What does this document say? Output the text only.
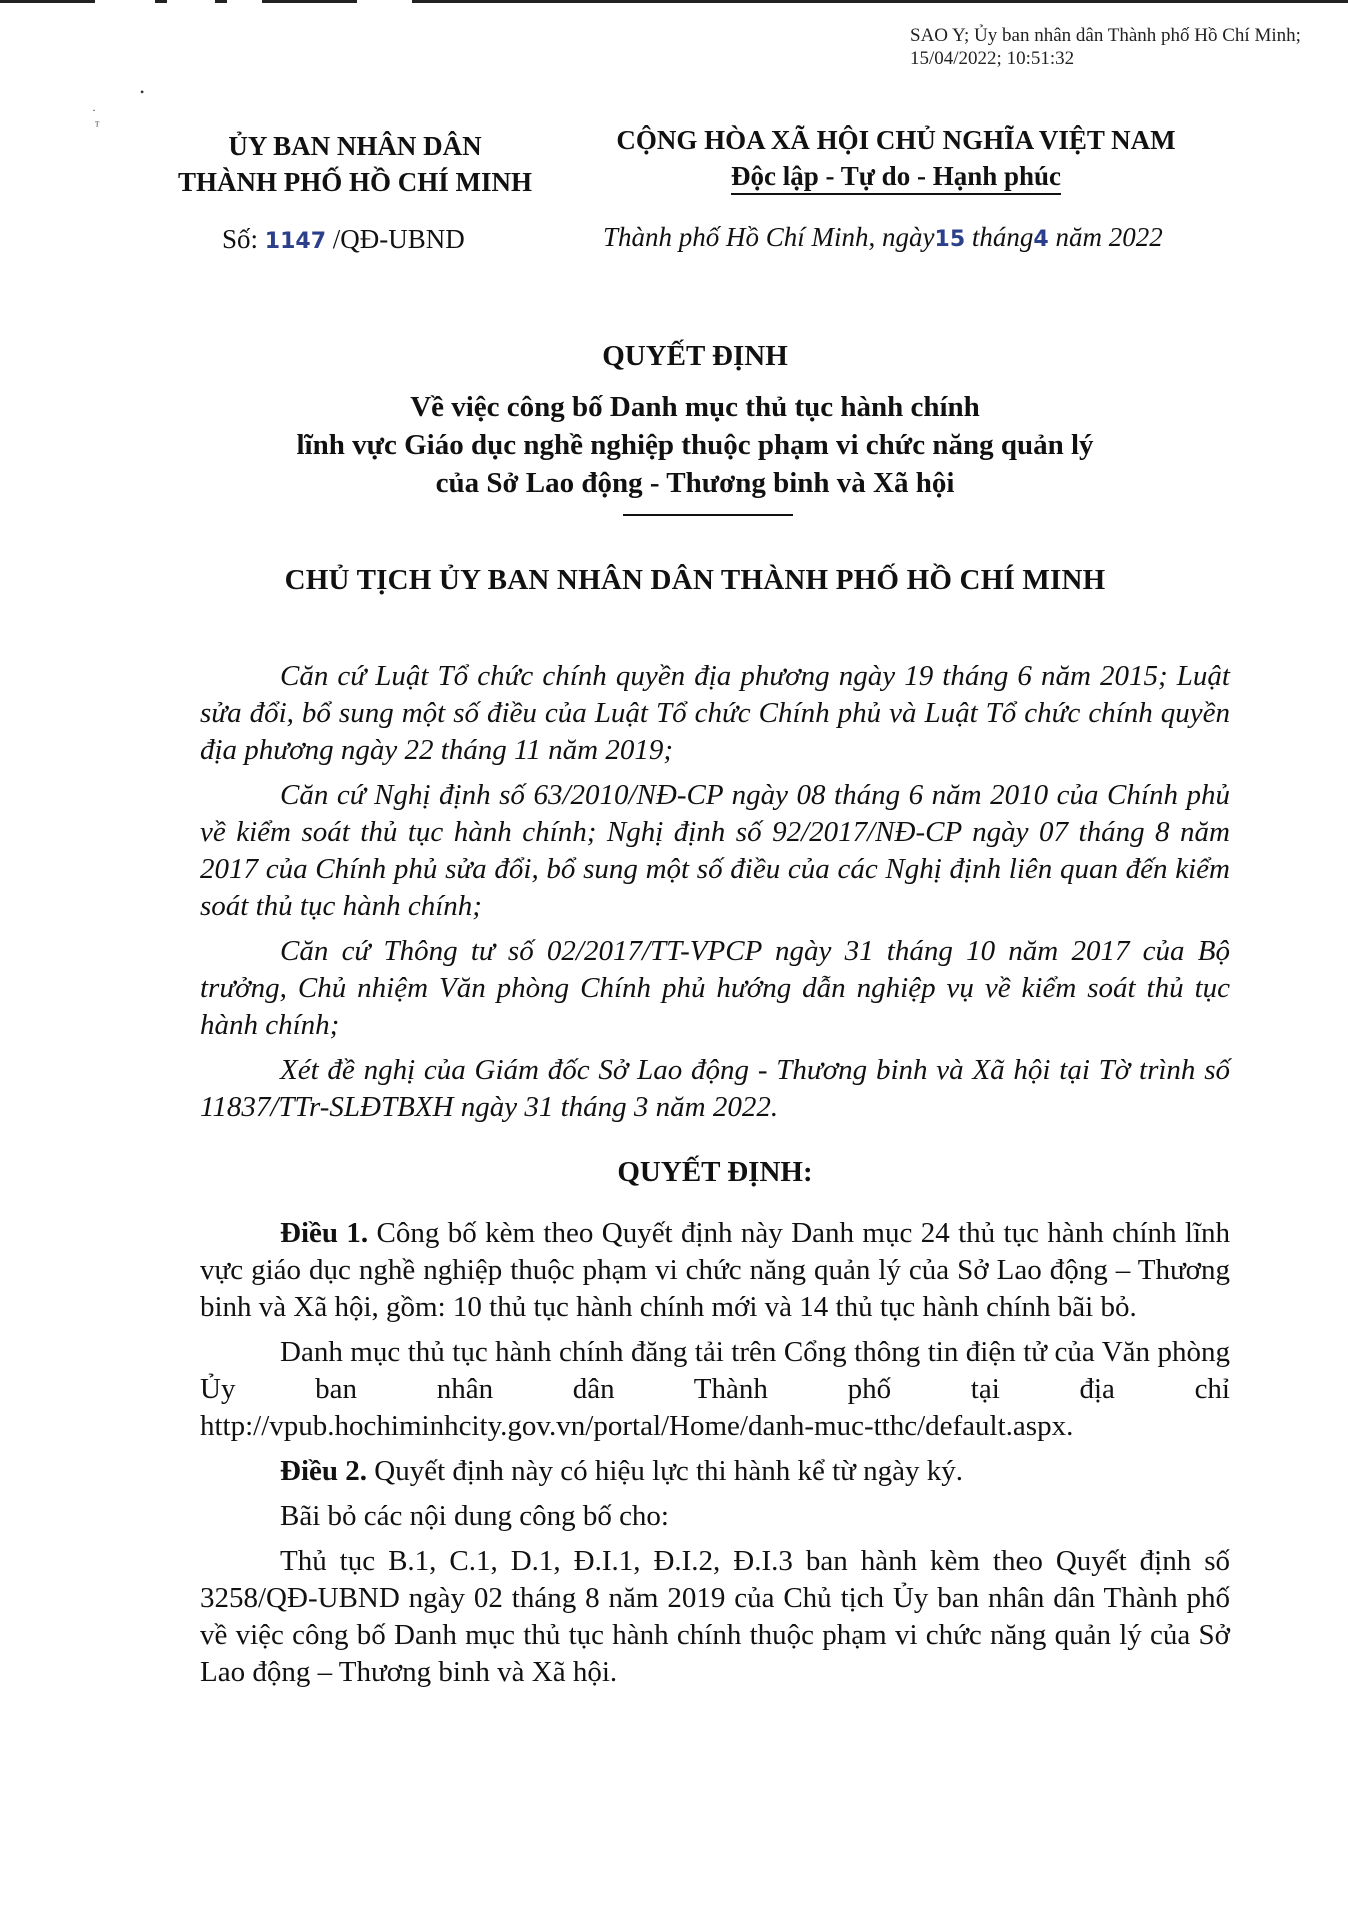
SAO Y; Ủy ban nhân dân Thành phố Hồ Chí Minh; 15/04/2022; 10:51:32
•
·
ᵀ
ỦY BAN NHÂN DÂN
THÀNH PHỐ HỒ CHÍ MINH
CỘNG HÒA XÃ HỘI CHỦ NGHĨA VIỆT NAM
Độc lập - Tự do - Hạnh phúc
Số: 1147 /QĐ-UBND	Thành phố Hồ Chí Minh, ngày15 tháng4 năm 2022
QUYẾT ĐỊNH
Về việc công bố Danh mục thủ tục hành chính
lĩnh vực Giáo dục nghề nghiệp thuộc phạm vi chức năng quản lý
của Sở Lao động - Thương binh và Xã hội
CHỦ TỊCH ỦY BAN NHÂN DÂN THÀNH PHỐ HỒ CHÍ MINH

Căn cứ Luật Tổ chức chính quyền địa phương ngày 19 tháng 6 năm 2015; Luật sửa đổi, bổ sung một số điều của Luật Tổ chức Chính phủ và Luật Tổ chức chính quyền địa phương ngày 22 tháng 11 năm 2019;

Căn cứ Nghị định số 63/2010/NĐ-CP ngày 08 tháng 6 năm 2010 của Chính phủ về kiểm soát thủ tục hành chính; Nghị định số 92/2017/NĐ-CP ngày 07 tháng 8 năm 2017 của Chính phủ sửa đổi, bổ sung một số điều của các Nghị định liên quan đến kiểm soát thủ tục hành chính;

Căn cứ Thông tư số 02/2017/TT-VPCP ngày 31 tháng 10 năm 2017 của Bộ trưởng, Chủ nhiệm Văn phòng Chính phủ hướng dẫn nghiệp vụ về kiểm soát thủ tục hành chính;

Xét đề nghị của Giám đốc Sở Lao động - Thương binh và Xã hội tại Tờ trình số 11837/TTr-SLĐTBXH ngày 31 tháng 3 năm 2022.

QUYẾT ĐỊNH:

Điều 1. Công bố kèm theo Quyết định này Danh mục 24 thủ tục hành chính lĩnh vực giáo dục nghề nghiệp thuộc phạm vi chức năng quản lý của Sở Lao động – Thương binh và Xã hội, gồm: 10 thủ tục hành chính mới và 14 thủ tục hành chính bãi bỏ.

Danh mục thủ tục hành chính đăng tải trên Cổng thông tin điện tử của Văn phòng Ủy ban nhân dân Thành phố tại địa chỉ http://vpub.hochiminhcity.gov.vn/portal/Home/danh-muc-tthc/default.aspx.

Điều 2. Quyết định này có hiệu lực thi hành kể từ ngày ký.

Bãi bỏ các nội dung công bố cho:

Thủ tục B.1, C.1, D.1, Đ.I.1, Đ.I.2, Đ.I.3 ban hành kèm theo Quyết định số 3258/QĐ-UBND ngày 02 tháng 8 năm 2019 của Chủ tịch Ủy ban nhân dân Thành phố về việc công bố Danh mục thủ tục hành chính thuộc phạm vi chức năng quản lý của Sở Lao động – Thương binh và Xã hội.
